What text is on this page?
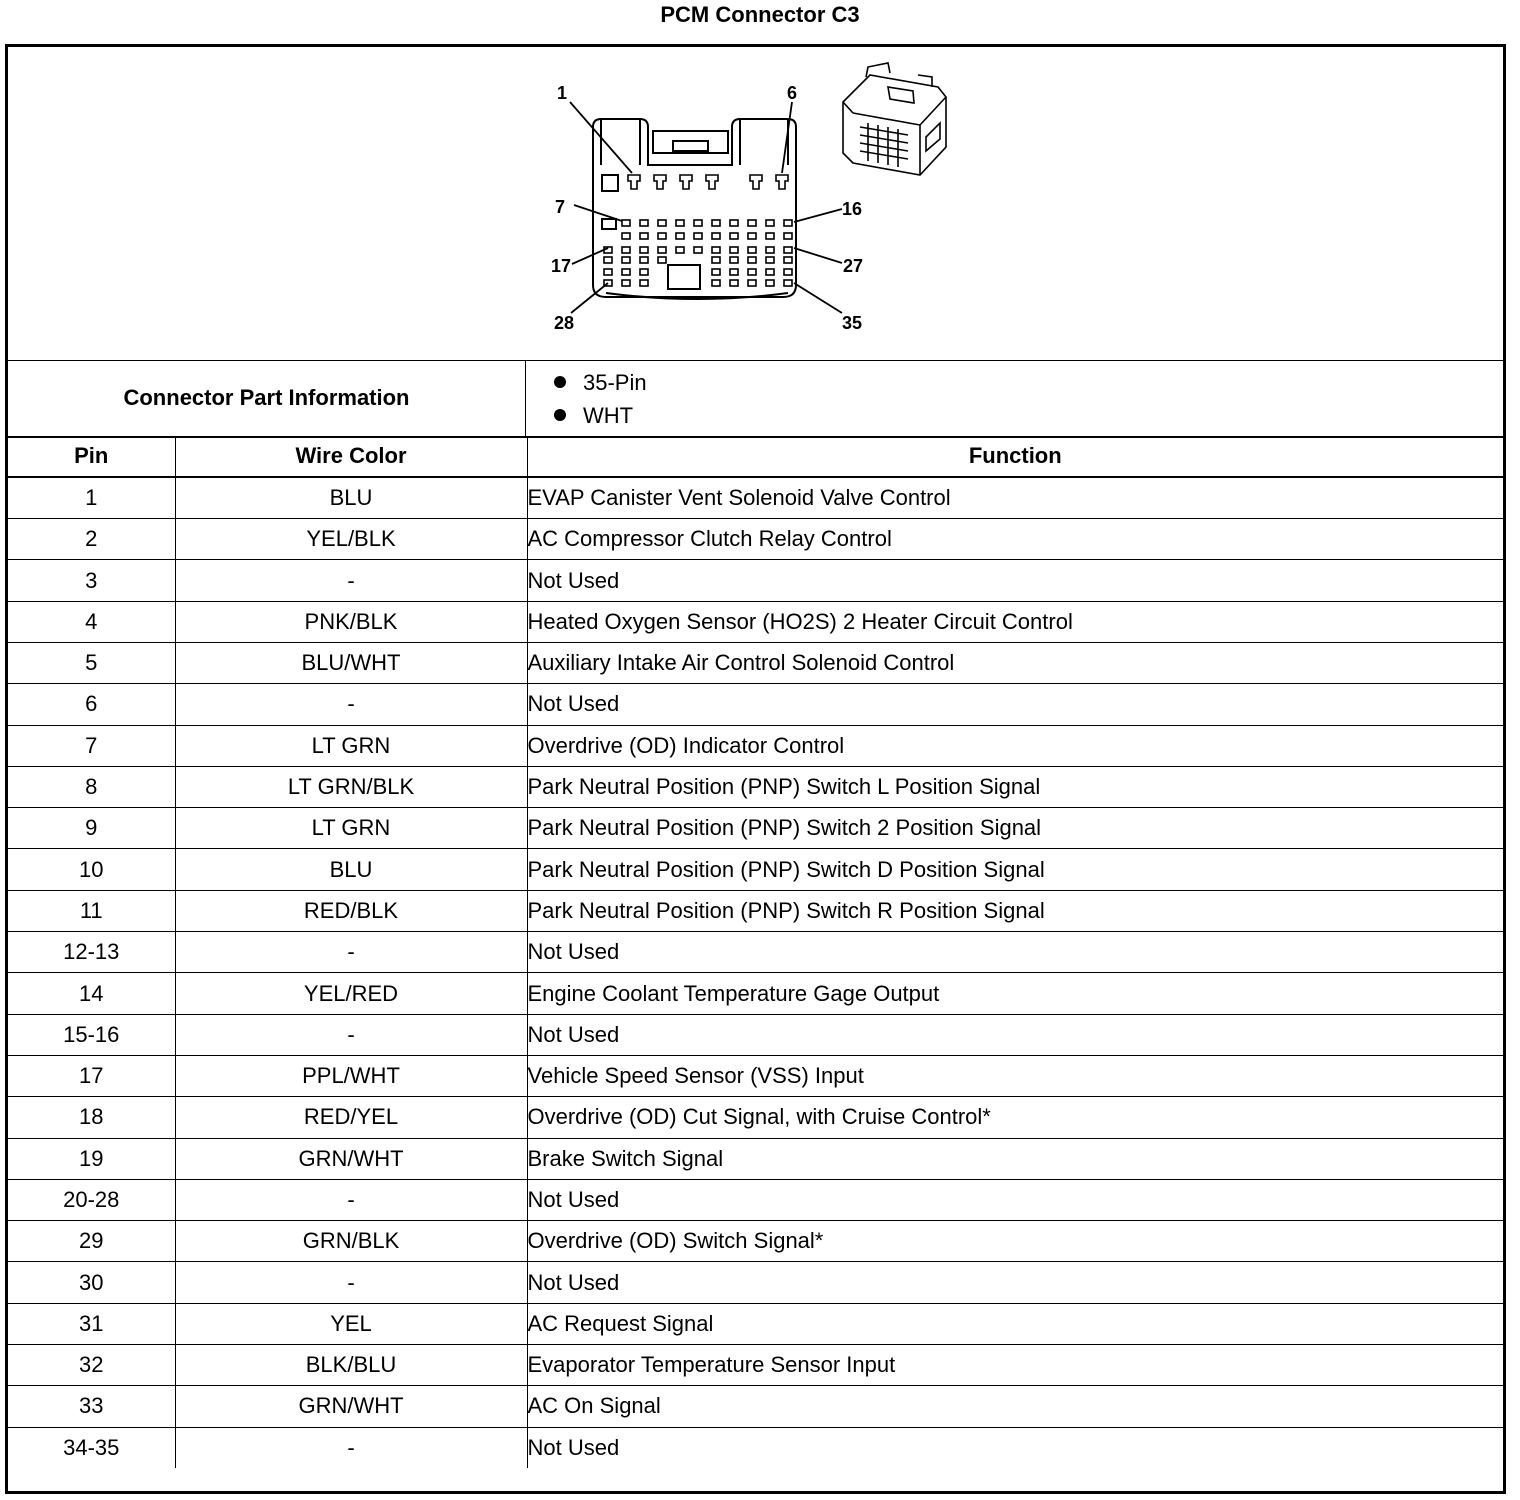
PCM Connector C3
1	6
7	16
17	27
28	35
Connector Part Information
35-Pin
WHT
Pin	Wire Color	Function
1	BLU	EVAP Canister Vent Solenoid Valve Control
2	YEL/BLK	AC Compressor Clutch Relay Control
3	-	Not Used
4	PNK/BLK	Heated Oxygen Sensor (HO2S) 2 Heater Circuit Control
5	BLU/WHT	Auxiliary Intake Air Control Solenoid Control
6	-	Not Used
7	LT GRN	Overdrive (OD) Indicator Control
8	LT GRN/BLK	Park Neutral Position (PNP) Switch L Position Signal
9	LT GRN	Park Neutral Position (PNP) Switch 2 Position Signal
10	BLU	Park Neutral Position (PNP) Switch D Position Signal
11	RED/BLK	Park Neutral Position (PNP) Switch R Position Signal
12-13	-	Not Used
14	YEL/RED	Engine Coolant Temperature Gage Output
15-16	-	Not Used
17	PPL/WHT	Vehicle Speed Sensor (VSS) Input
18	RED/YEL	Overdrive (OD) Cut Signal, with Cruise Control*
19	GRN/WHT	Brake Switch Signal
20-28	-	Not Used
29	GRN/BLK	Overdrive (OD) Switch Signal*
30	-	Not Used
31	YEL	AC Request Signal
32	BLK/BLU	Evaporator Temperature Sensor Input
33	GRN/WHT	AC On Signal
34-35	-	Not Used
